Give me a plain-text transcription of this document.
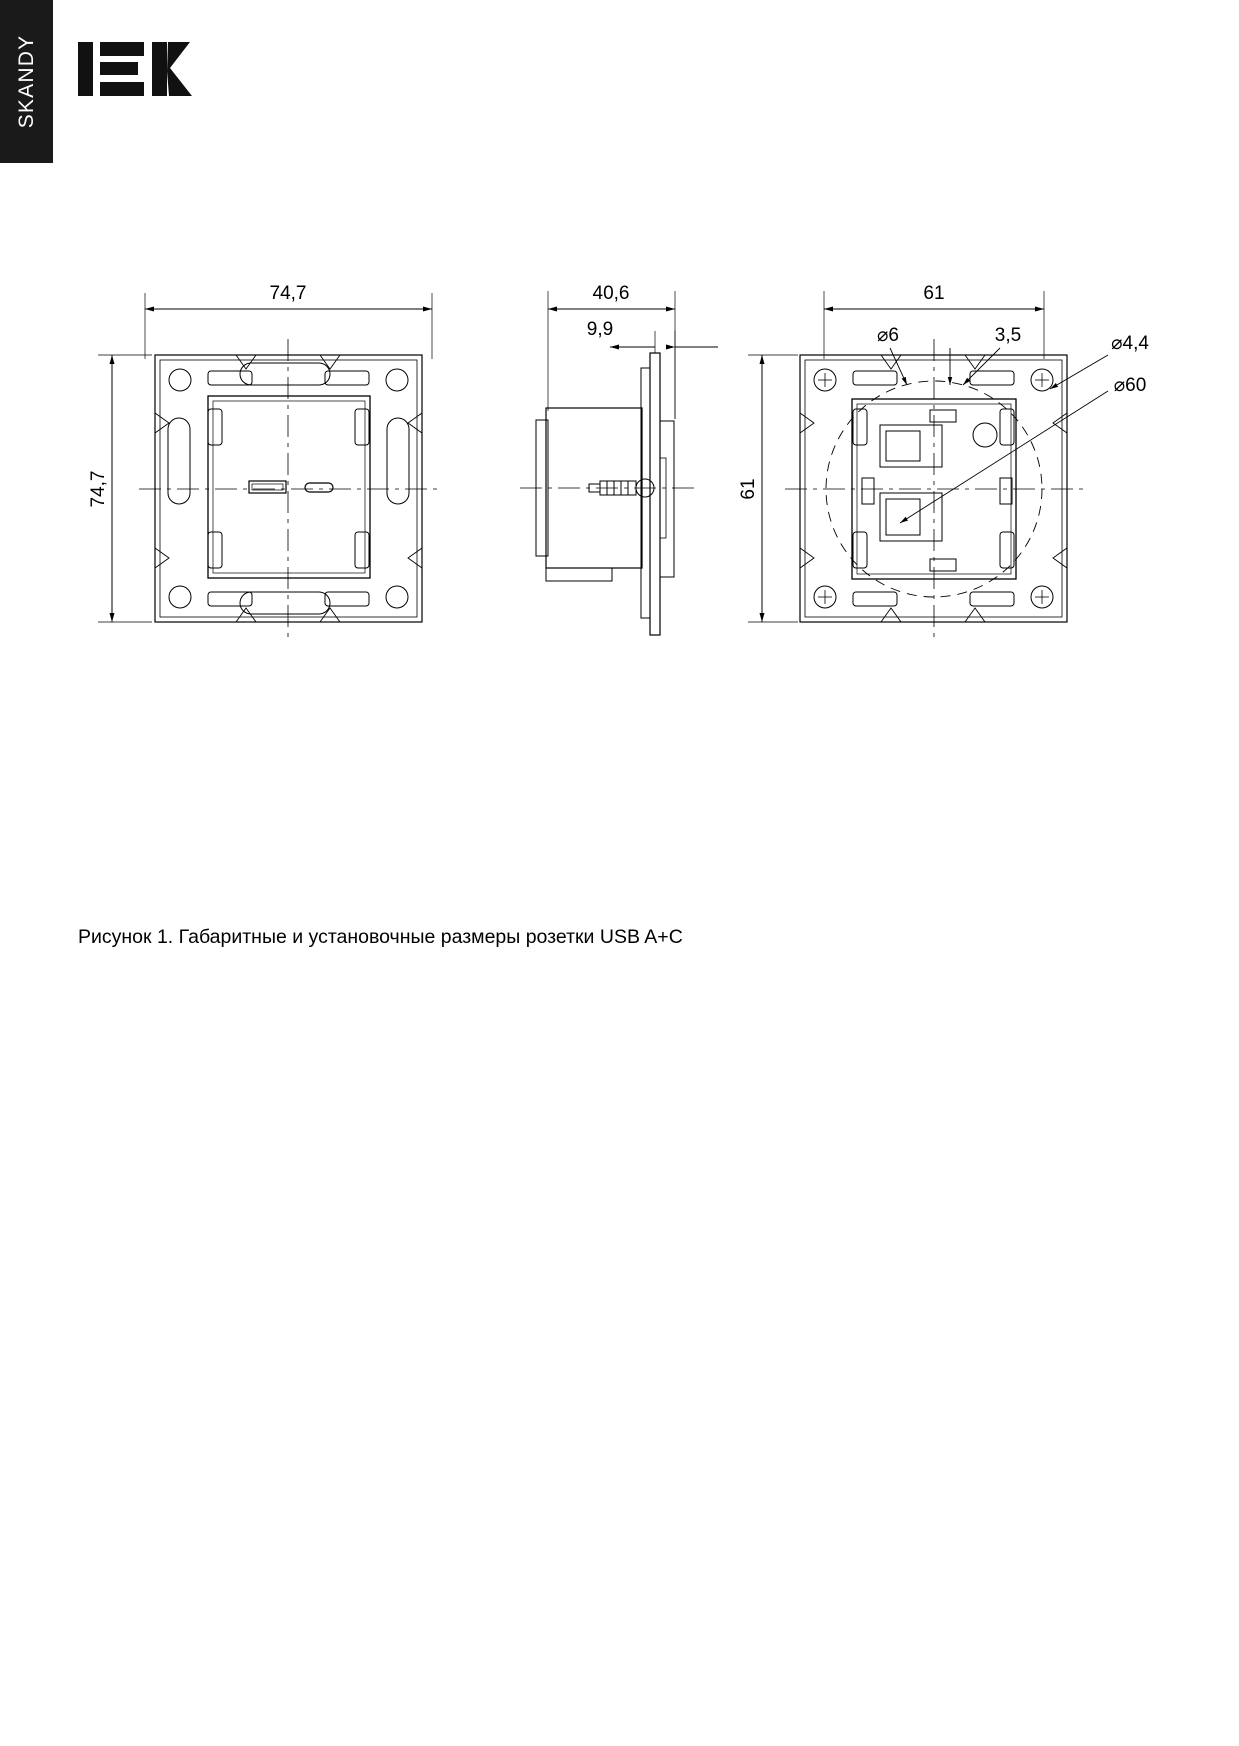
SKANDY
74,7
74,7
40,6
9,9
61
61
⌀6	3,5	⌀4,4
⌀60
Рисунок 1. Габаритные и установочные размеры розетки USB A+C
